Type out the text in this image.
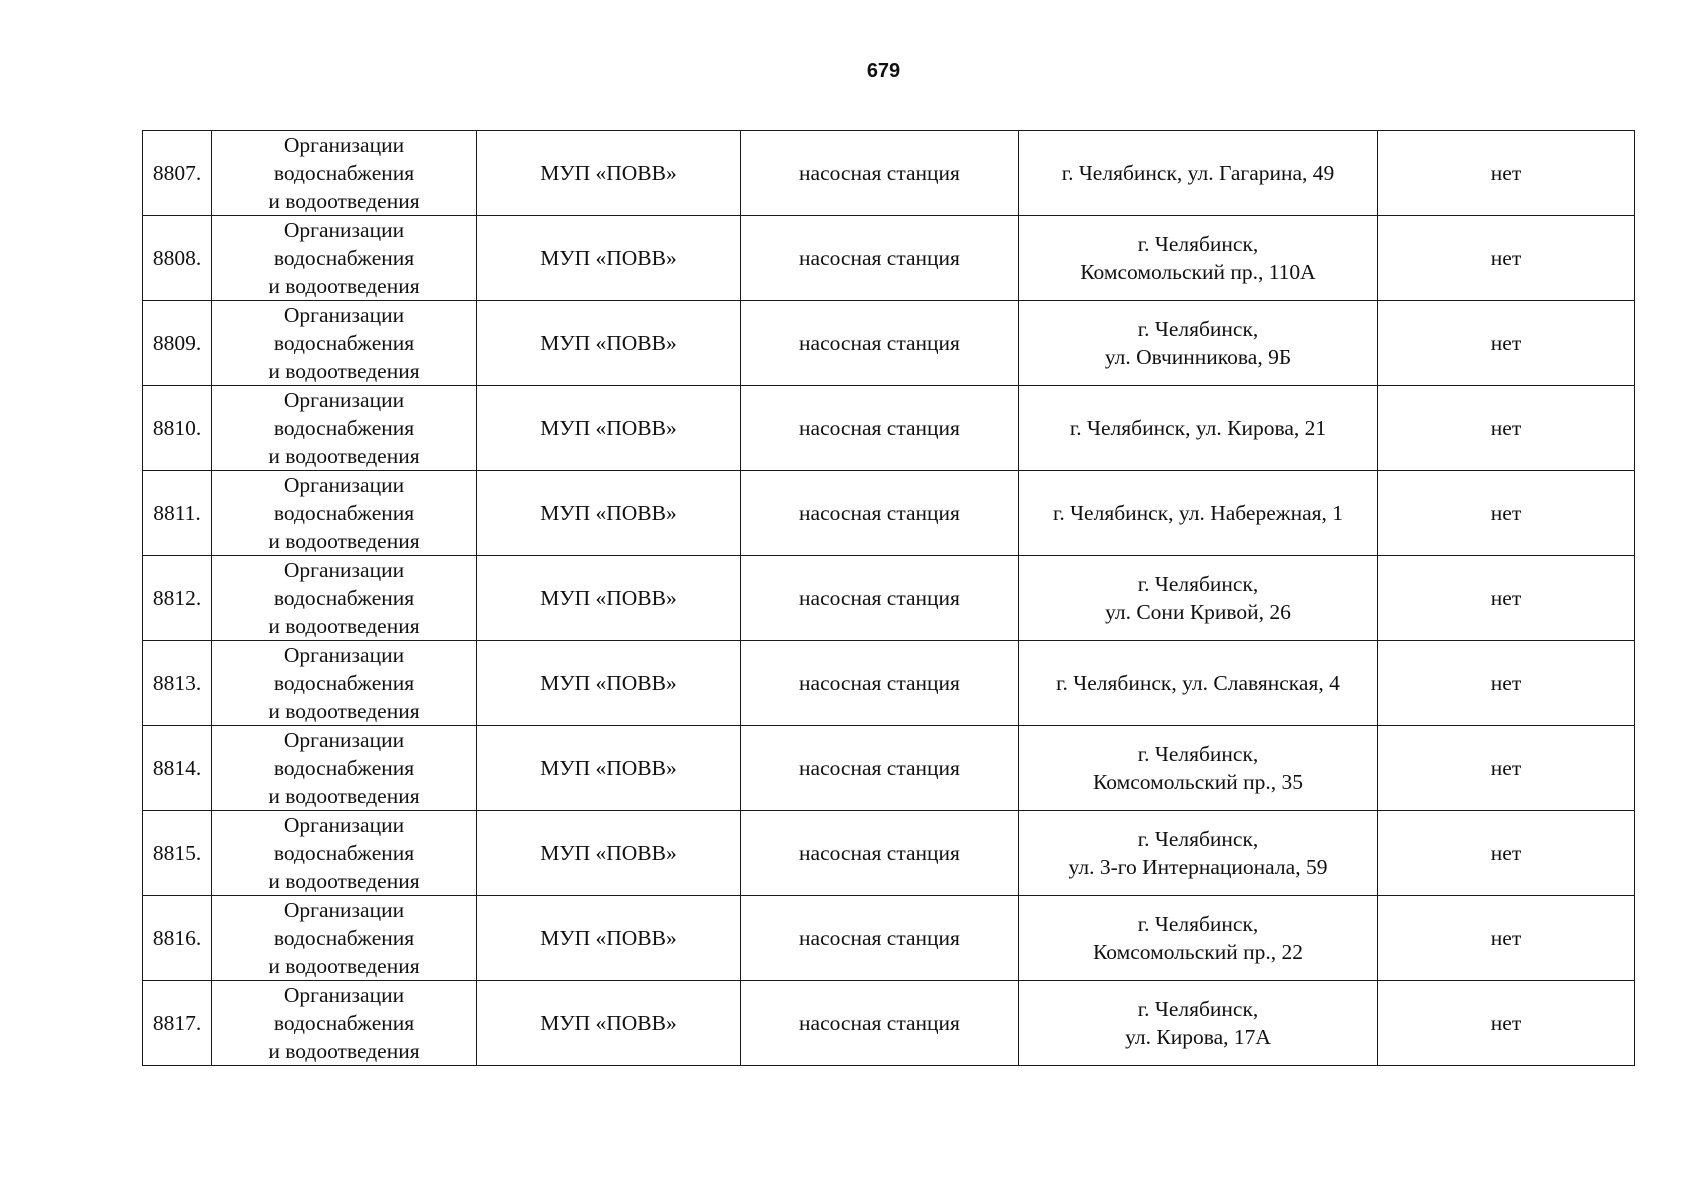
679
8807.	Организации
водоснабжения
и водоотведения	МУП «ПОВВ»	насосная станция	г. Челябинск, ул. Гагарина, 49	нет
8808.	Организации
водоснабжения
и водоотведения	МУП «ПОВВ»	насосная станция	г. Челябинск,
Комсомольский пр., 110А	нет
8809.	Организации
водоснабжения
и водоотведения	МУП «ПОВВ»	насосная станция	г. Челябинск,
ул. Овчинникова, 9Б	нет
8810.	Организации
водоснабжения
и водоотведения	МУП «ПОВВ»	насосная станция	г. Челябинск, ул. Кирова, 21	нет
8811.	Организации
водоснабжения
и водоотведения	МУП «ПОВВ»	насосная станция	г. Челябинск, ул. Набережная, 1	нет
8812.	Организации
водоснабжения
и водоотведения	МУП «ПОВВ»	насосная станция	г. Челябинск,
ул. Сони Кривой, 26	нет
8813.	Организации
водоснабжения
и водоотведения	МУП «ПОВВ»	насосная станция	г. Челябинск, ул. Славянская, 4	нет
8814.	Организации
водоснабжения
и водоотведения	МУП «ПОВВ»	насосная станция	г. Челябинск,
Комсомольский пр., 35	нет
8815.	Организации
водоснабжения
и водоотведения	МУП «ПОВВ»	насосная станция	г. Челябинск,
ул. 3-го Интернационала, 59	нет
8816.	Организации
водоснабжения
и водоотведения	МУП «ПОВВ»	насосная станция	г. Челябинск,
Комсомольский пр., 22	нет
8817.	Организации
водоснабжения
и водоотведения	МУП «ПОВВ»	насосная станция	г. Челябинск,
ул. Кирова, 17А	нет
